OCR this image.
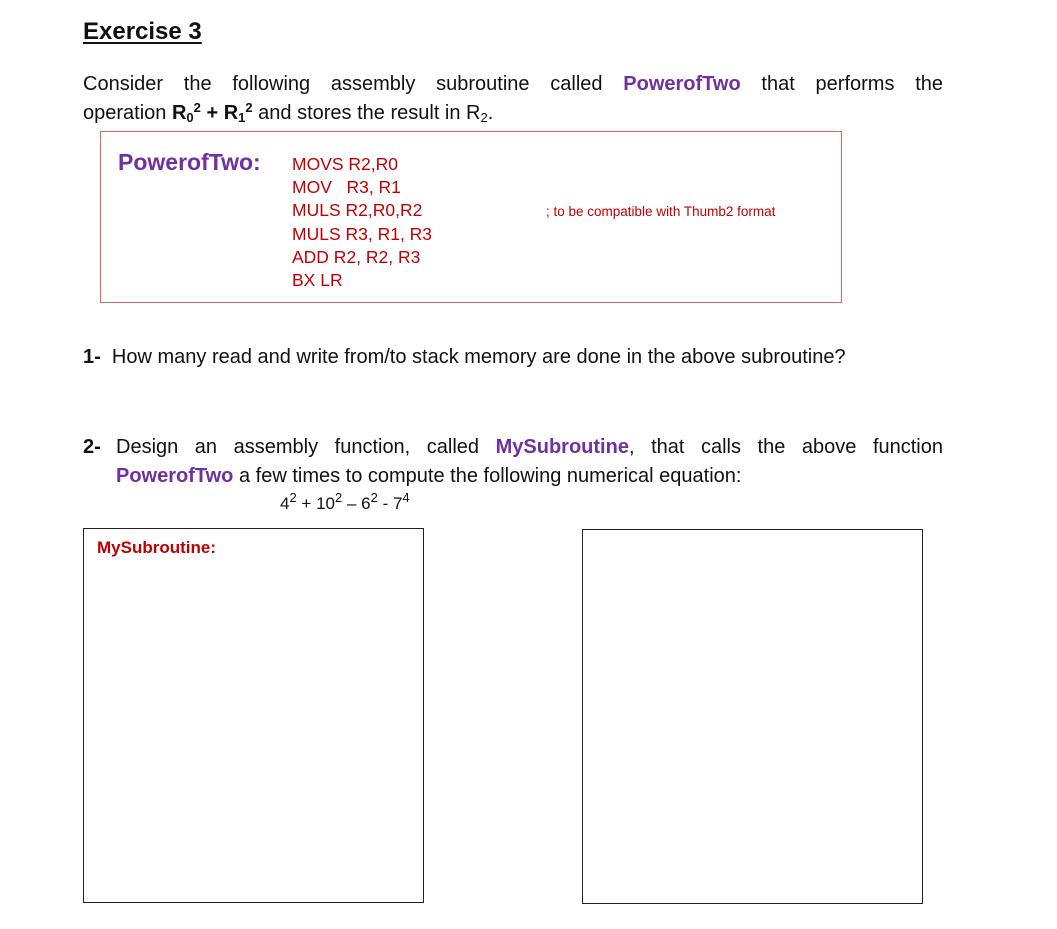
Exercise 3
Consider the following assembly subroutine called PowerofTwo that performs the
operation $R_0^2 + R_1^2$ and stores the result in $R_2$.
PowerofTwo: MOVS R2,R0
MOV   R3, R1
MULS R2,R0,R2
MULS R3, R1, R3
ADD R2, R2, R3
BX LR
; to be compatible with Thumb2 format
1- How many read and write from/to stack memory are done in the above subroutine?
2- Design an assembly function, called MySubroutine, that calls the above function
PowerofTwo a few times to compute the following numerical equation:
$4^2 + 10^2 - 6^2 - 7^4$
MySubroutine:
